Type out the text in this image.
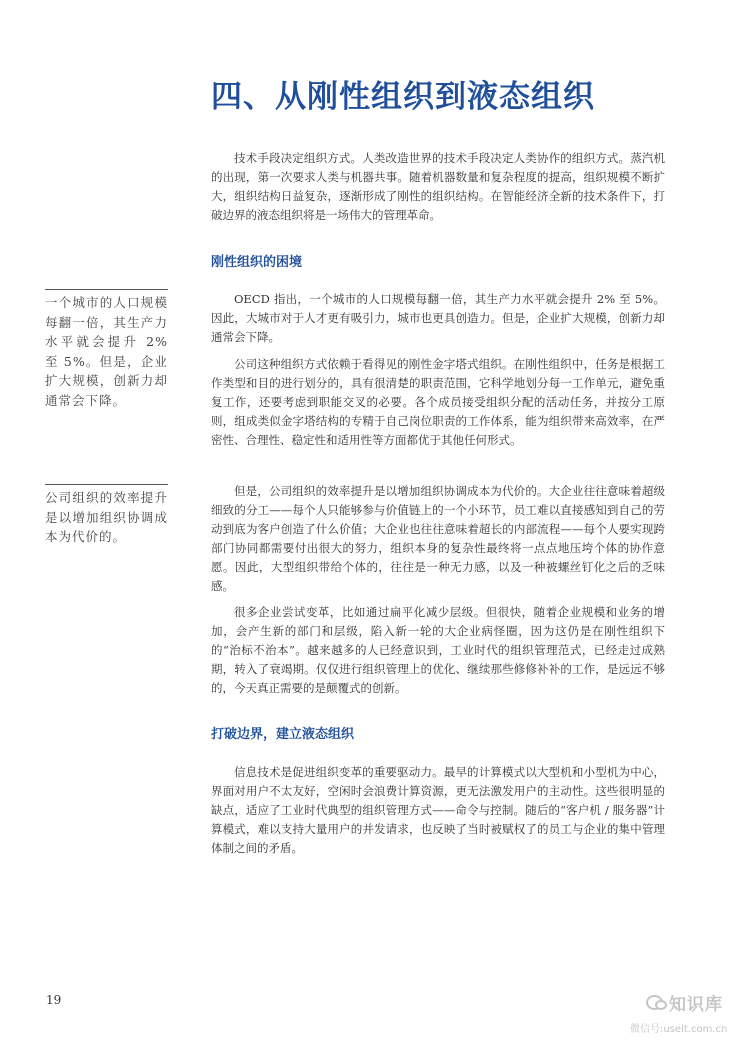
四、从刚性组织到液态组织

技术手段决定组织方式。人类改造世界的技术手段决定人类协作的组织方式。蒸汽机的出现，第一次要求人类与机器共事。随着机器数量和复杂程度的提高，组织规模不断扩大，组织结构日益复杂，逐渐形成了刚性的组织结构。在智能经济全新的技术条件下，打破边界的液态组织将是一场伟大的管理革命。

刚性组织的困境
一个城市的人口规模每翻一倍，其生产力水平就会提升 2% 至 5%。但是，企业扩大规模，创新力却通常会下降。

OECD 指出，一个城市的人口规模每翻一倍，其生产力水平就会提升 2% 至 5%。因此，大城市对于人才更有吸引力，城市也更具创造力。但是，企业扩大规模，创新力却通常会下降。

公司这种组织方式依赖于看得见的刚性金字塔式组织。在刚性组织中，任务是根据工作类型和目的进行划分的，具有很清楚的职责范围，它科学地划分每一工作单元，避免重复工作，还要考虑到职能交叉的必要。各个成员接受组织分配的活动任务，并按分工原则，组成类似金字塔结构的专精于自己岗位职责的工作体系，能为组织带来高效率，在严密性、合理性、稳定性和适用性等方面都优于其他任何形式。

公司组织的效率提升是以增加组织协调成本为代价的。

但是，公司组织的效率提升是以增加组织协调成本为代价的。大企业往往意味着超级细致的分工——每个人只能够参与价值链上的一个小环节，员工难以直接感知到自己的劳动到底为客户创造了什么价值；大企业也往往意味着超长的内部流程——每个人要实现跨部门协同都需要付出很大的努力，组织本身的复杂性最终将一点点地压垮个体的协作意愿。因此，大型组织带给个体的，往往是一种无力感，以及一种被螺丝钉化之后的乏味感。

很多企业尝试变革，比如通过扁平化减少层级。但很快，随着企业规模和业务的增加，会产生新的部门和层级，陷入新一轮的大企业病怪圈，因为这仍是在刚性组织下的“治标不治本”。越来越多的人已经意识到，工业时代的组织管理范式，已经走过成熟期，转入了衰竭期。仅仅进行组织管理上的优化、继续那些修修补补的工作，是远远不够的，今天真正需要的是颠覆式的创新。

打破边界，建立液态组织

信息技术是促进组织变革的重要驱动力。最早的计算模式以大型机和小型机为中心，界面对用户不太友好，空闲时会浪费计算资源，更无法激发用户的主动性。这些很明显的缺点，适应了工业时代典型的组织管理方式——命令与控制。随后的“客户机 / 服务器”计算模式，难以支持大量用户的并发请求，也反映了当时被赋权了的员工与企业的集中管理体制之间的矛盾。

19	知识库
微信号:useit.com.cn
